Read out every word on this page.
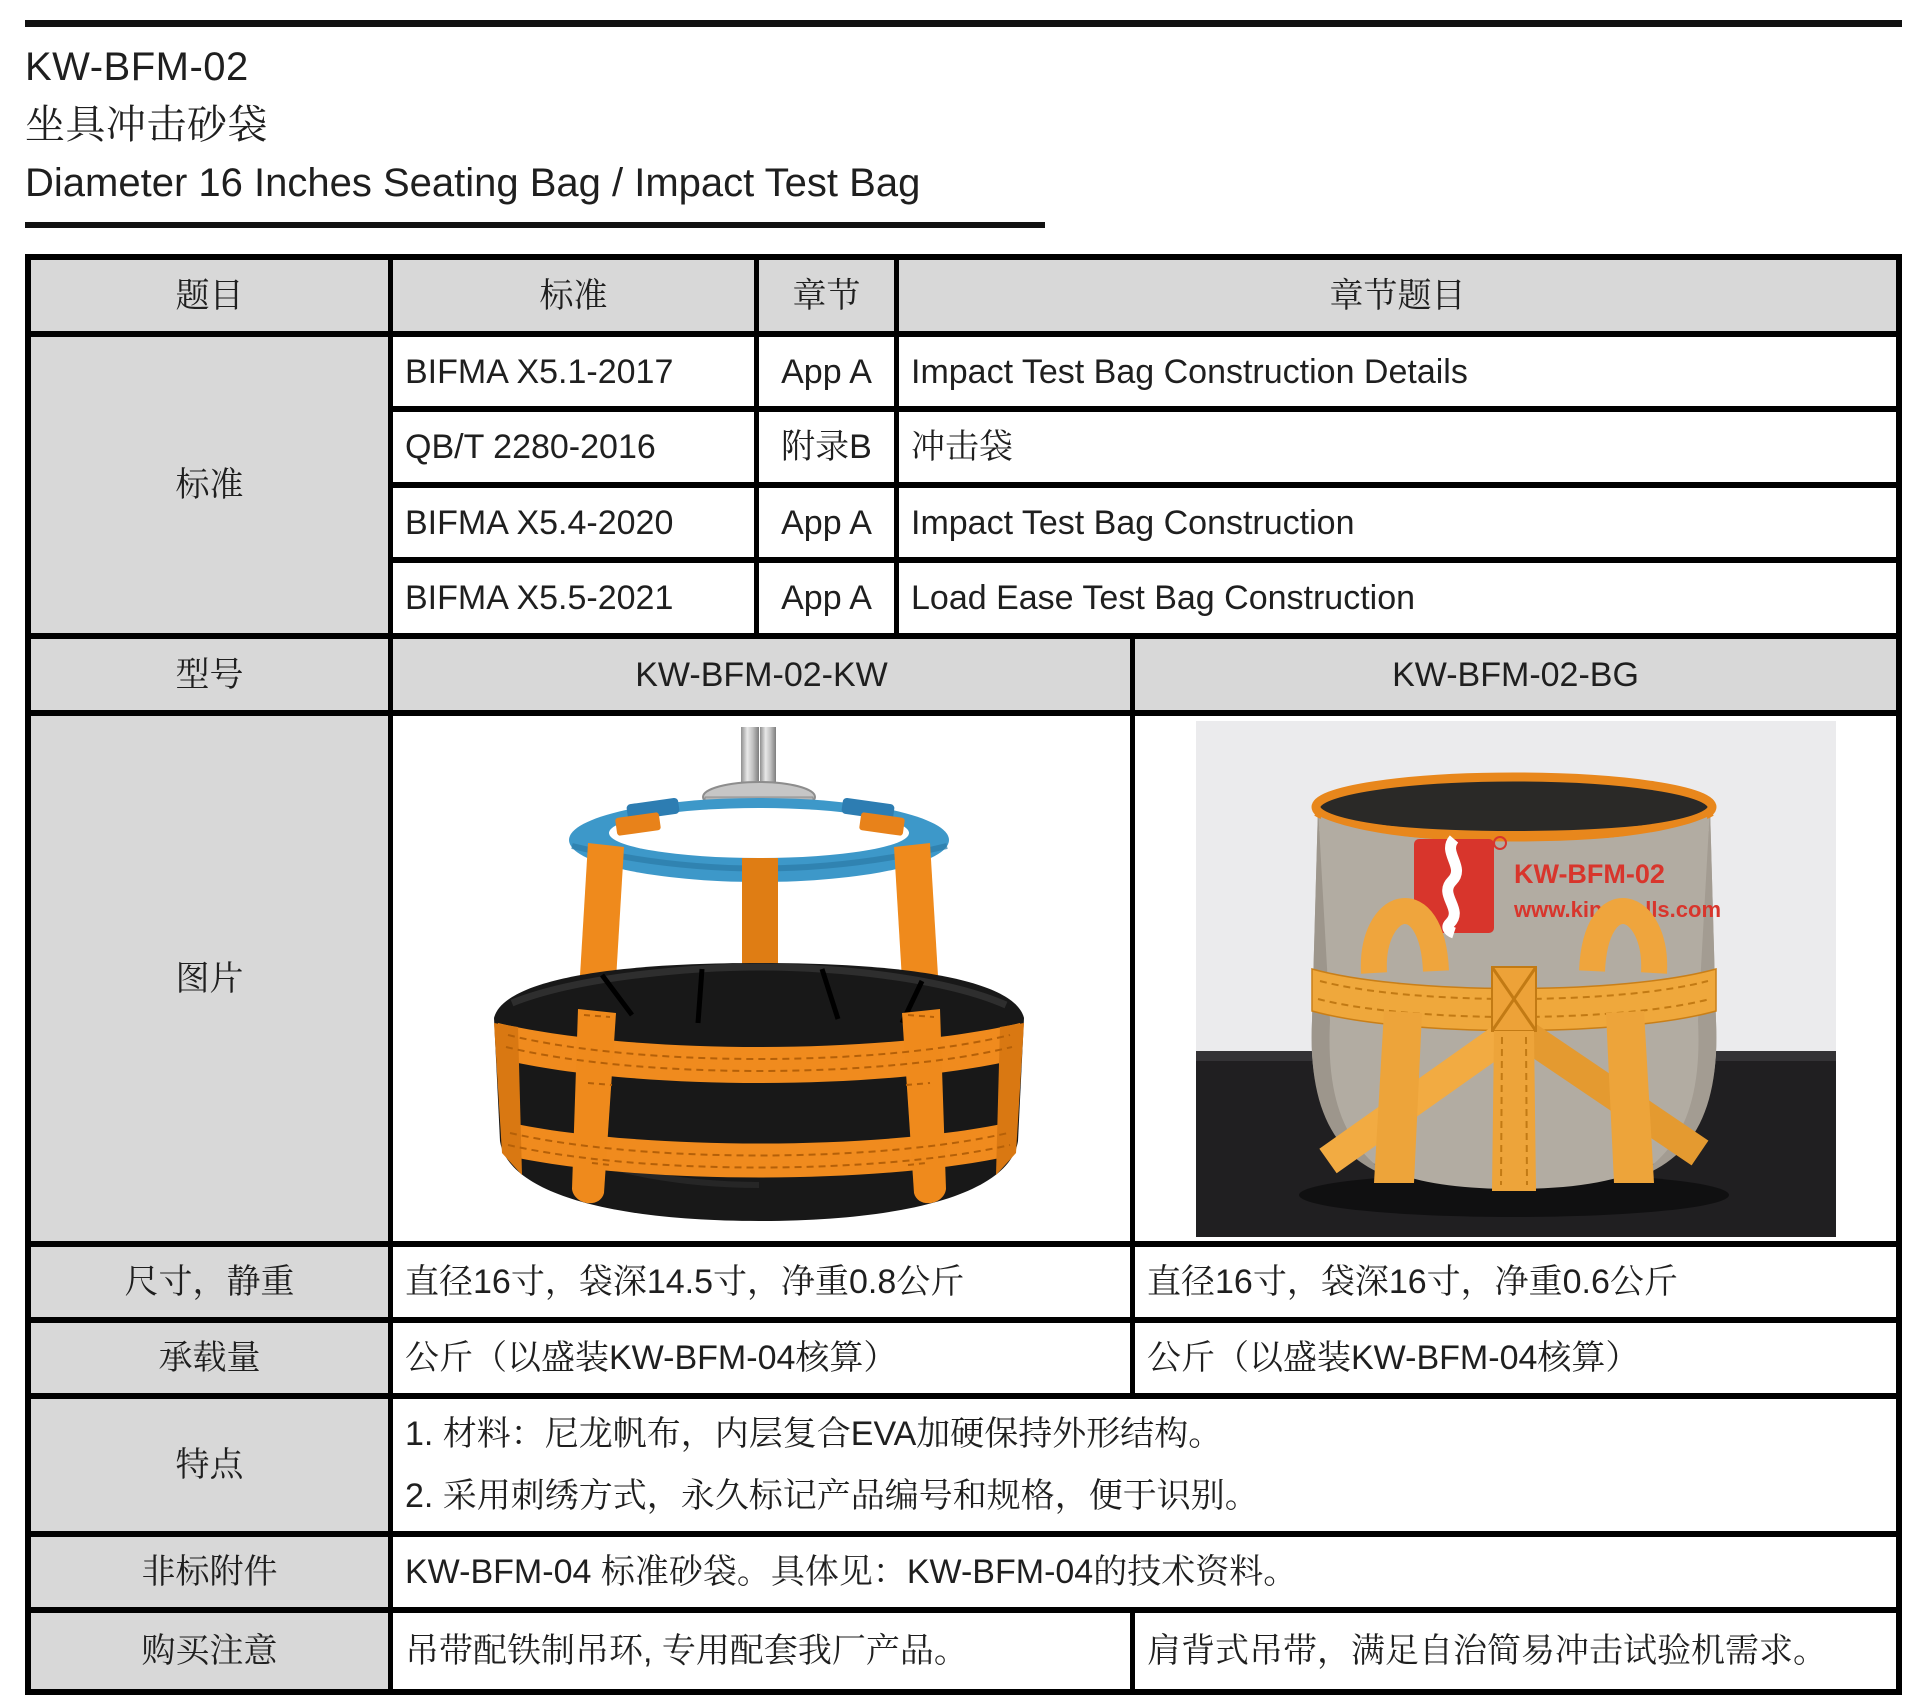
KW-BFM-02
坐具冲击砂袋
Diameter 16 Inches Seating Bag / Impact Test Bag
题目	标准	章节	章节题目
标准
BIFMA X5.1-2017	App A	Impact Test Bag Construction Details
QB/T 2280-2016	附录B	冲击袋
BIFMA X5.4-2020	App A	Impact Test Bag Construction
BIFMA X5.5-2021	App A	Load Ease Test Bag Construction
型号	KW-BFM-02-KW	KW-BFM-02-BG
图片
KW-BFM-02
www.kingwells.com
尺寸，静重	直径16寸，袋深14.5寸，净重0.8公斤	直径16寸，袋深16寸，净重0.6公斤
承载量	公斤（以盛装KW-BFM-04核算）	公斤（以盛装KW-BFM-04核算）
特点
1. 材料：尼龙帆布，内层复合EVA加硬保持外形结构。
2. 采用刺绣方式，永久标记产品编号和规格，便于识别。
非标附件	KW-BFM-04 标准砂袋。具体见：KW-BFM-04的技术资料。
购买注意	吊带配铁制吊环, 专用配套我厂产品。	肩背式吊带，满足自治简易冲击试验机需求。
